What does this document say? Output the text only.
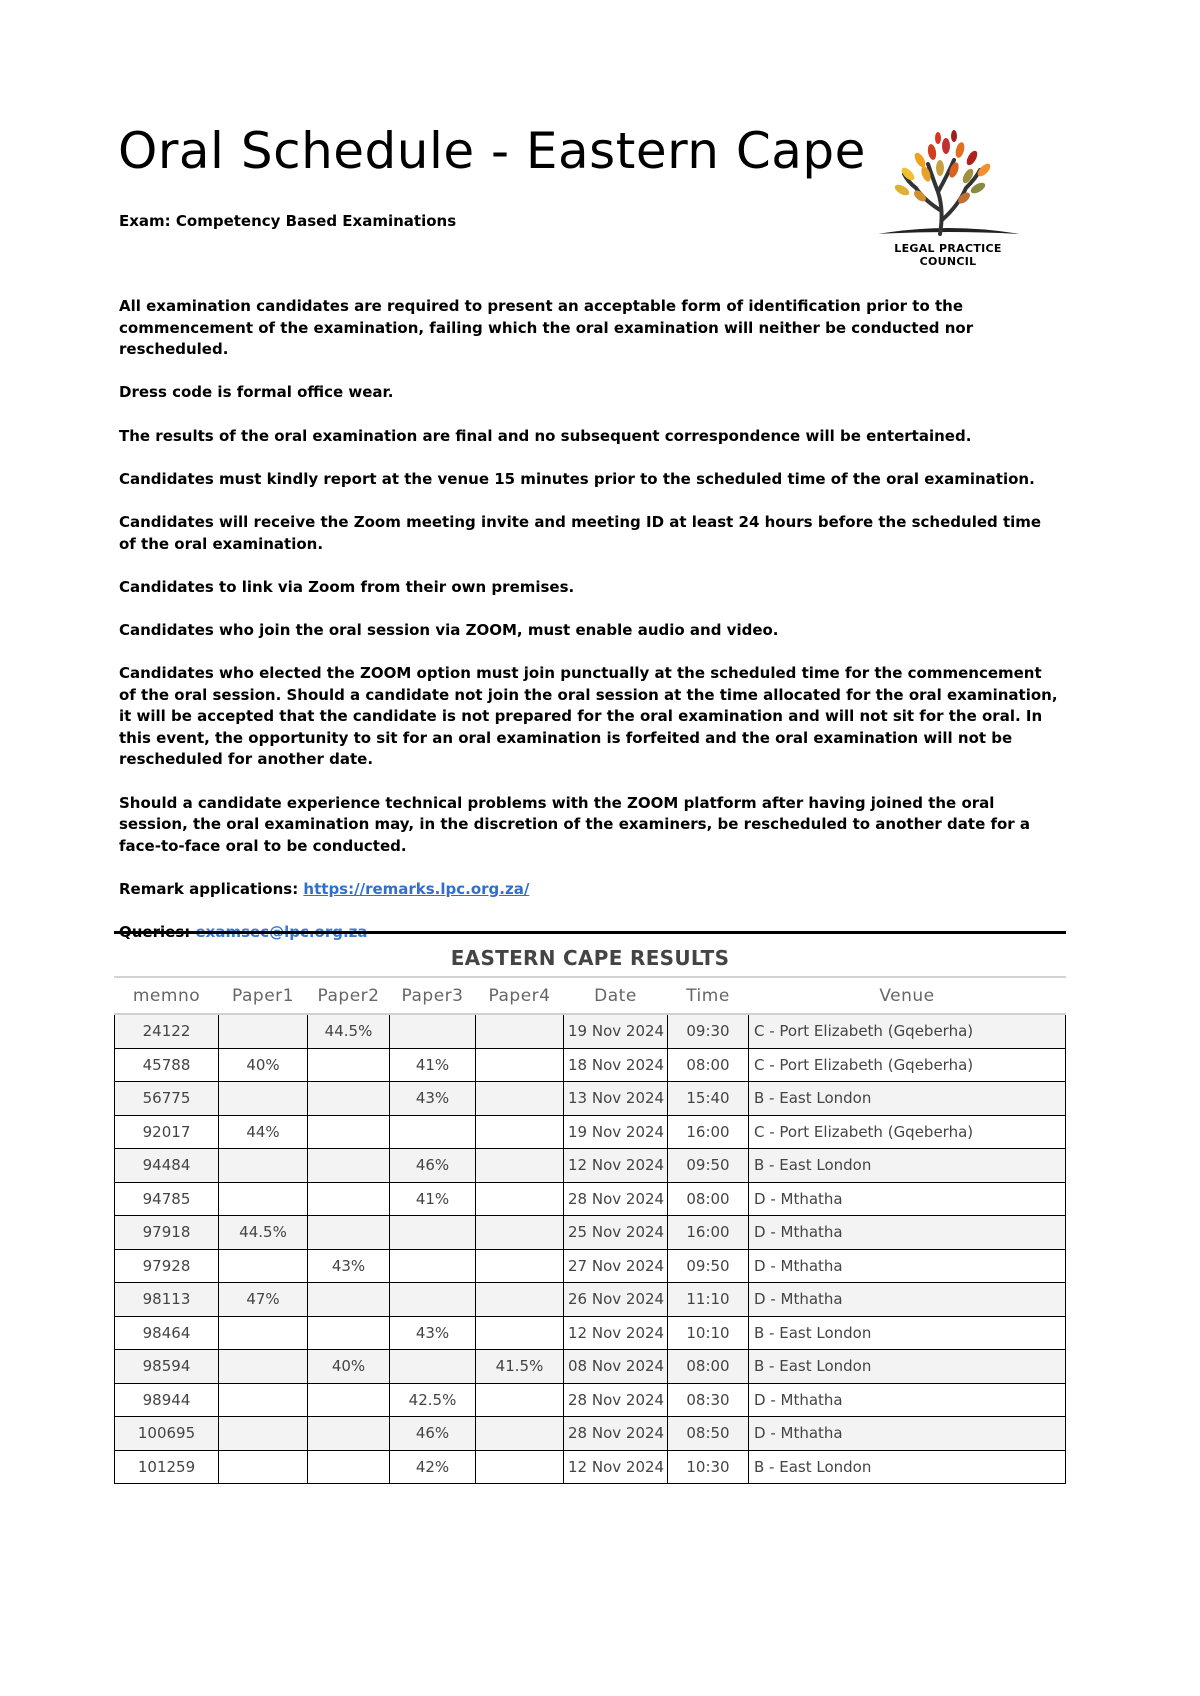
Oral Schedule - Eastern Cape
Exam: Competency Based Examinations
LEGAL PRACTICE
COUNCIL

All examination candidates are required to present an acceptable form of identification prior to the commencement of the examination, failing which the oral examination will neither be conducted nor rescheduled.

Dress code is formal office wear.

The results of the oral examination are final and no subsequent correspondence will be entertained.

Candidates must kindly report at the venue 15 minutes prior to the scheduled time of the oral examination.

Candidates will receive the Zoom meeting invite and meeting ID at least 24 hours before the scheduled time of the oral examination.

Candidates to link via Zoom from their own premises.

Candidates who join the oral session via ZOOM, must enable audio and video.

Candidates who elected the ZOOM option must join punctually at the scheduled time for the commencement of the oral session. Should a candidate not join the oral session at the time allocated for the oral examination, it will be accepted that the candidate is not prepared for the oral examination and will not sit for the oral. In this event, the opportunity to sit for an oral examination is forfeited and the oral examination will not be rescheduled for another date.

Should a candidate experience technical problems with the ZOOM platform after having joined the oral session, the oral examination may, in the discretion of the examiners, be rescheduled to another date for a face-to-face oral to be conducted.

Remark applications: https://remarks.lpc.org.za/

Queries: examsec@lpc.org.za

EASTERN CAPE RESULTS
memno	Paper1	Paper2	Paper3	Paper4	Date	Time	Venue
24122		44.5%			19 Nov 2024	09:30	C - Port Elizabeth (Gqeberha)
45788	40%		41%		18 Nov 2024	08:00	C - Port Elizabeth (Gqeberha)
56775			43%		13 Nov 2024	15:40	B - East London
92017	44%				19 Nov 2024	16:00	C - Port Elizabeth (Gqeberha)
94484			46%		12 Nov 2024	09:50	B - East London
94785			41%		28 Nov 2024	08:00	D - Mthatha
97918	44.5%				25 Nov 2024	16:00	D - Mthatha
97928		43%			27 Nov 2024	09:50	D - Mthatha
98113	47%				26 Nov 2024	11:10	D - Mthatha
98464			43%		12 Nov 2024	10:10	B - East London
98594		40%		41.5%	08 Nov 2024	08:00	B - East London
98944			42.5%		28 Nov 2024	08:30	D - Mthatha
100695			46%		28 Nov 2024	08:50	D - Mthatha
101259			42%		12 Nov 2024	10:30	B - East London
